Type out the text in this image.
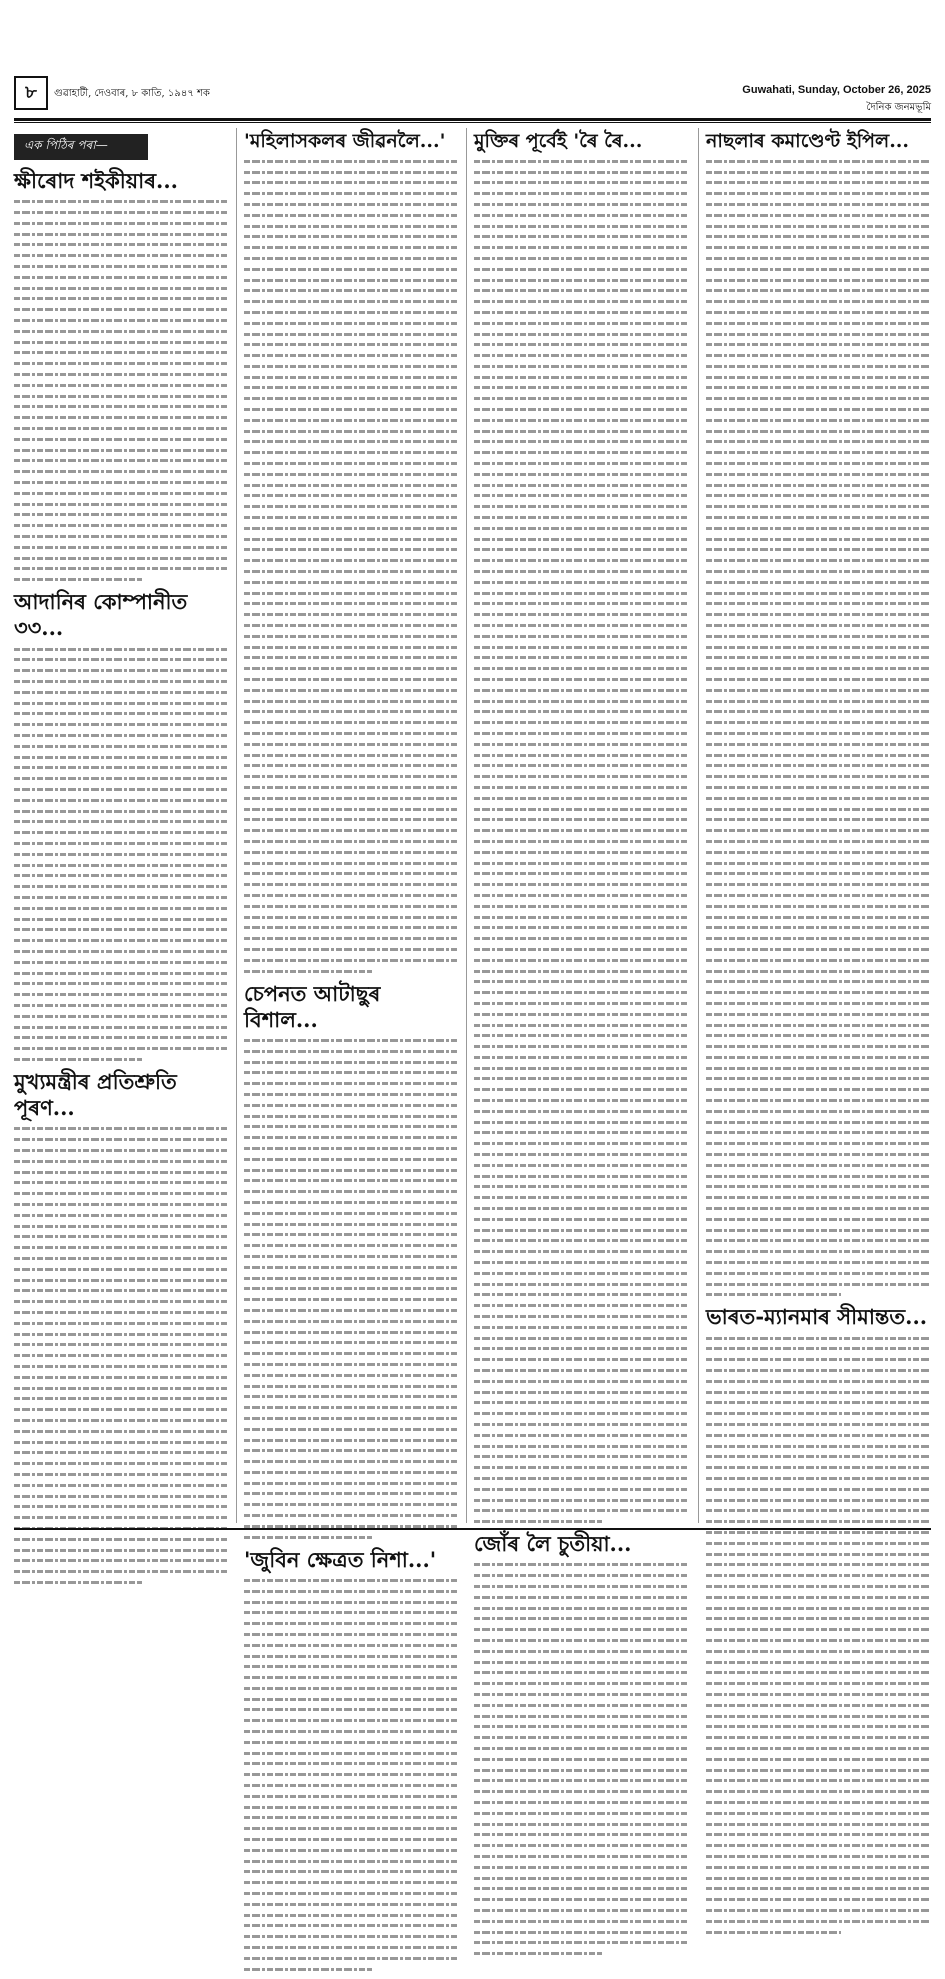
৮	গুৱাহাটী, দেওবাৰ, ৮ কাতি, ১৯৪৭ শক	Guwahati, Sunday, October 26, 2025
দৈনিক জনমভূমি
এক পিঠিৰ পৰা—
ক্ষীৰোদ শইকীয়াৰ...
আদানিৰ কোম্পানীত ৩৩...
মুখ্যমন্ত্ৰীৰ প্ৰতিশ্ৰুতি পূৰণ...
'মহিলাসকলৰ জীৱনলৈ...'
চেপনত আটাছুৰ বিশাল...
'জুবিন ক্ষেত্ৰত নিশা...'
মুক্তিৰ পূৰ্বেই 'ৰৈ ৰৈ...
জোঁৰ লৈ চুতীয়া...
নাছলাৰ কমাণ্ডেণ্ট ইপিল...
ভাৰত-ম্যানমাৰ সীমান্তত...
